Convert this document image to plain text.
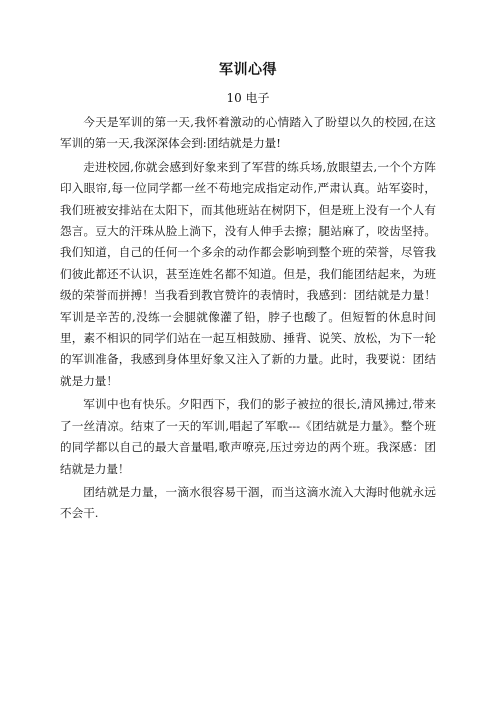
军训心得
10 电子

今天是军训的第一天,我怀着激动的心情踏入了盼望以久的校园,在这军训的第一天,我深深体会到:团结就是力量!

走进校园,你就会感到好象来到了军营的练兵场,放眼望去,一个个方阵印入眼帘,每一位同学都一丝不苟地完成指定动作,严肃认真。站军姿时，我们班被安排站在太阳下，而其他班站在树阴下，但是班上没有一个人有怨言。豆大的汗珠从脸上淌下，没有人伸手去擦；腿站麻了，咬齿坚持。我们知道，自己的任何一个多余的动作都会影响到整个班的荣誉，尽管我们彼此都还不认识，甚至连姓名都不知道。但是，我们能团结起来，为班级的荣誉而拼搏！当我看到教官赞许的表情时，我感到：团结就是力量！　　军训是辛苦的,没练一会腿就像灌了铅，脖子也酸了。但短暂的休息时间里，素不相识的同学们站在一起互相鼓励、捶背、说笑、放松，为下一轮的军训准备，我感到身体里好象又注入了新的力量。此时，我要说：团结就是力量！

军训中也有快乐。夕阳西下，我们的影子被拉的很长,清风拂过,带来了一丝清凉。结束了一天的军训,唱起了军歌---《团结就是力量》。整个班的同学都以自己的最大音量唱,歌声嘹亮,压过旁边的两个班。我深感：团结就是力量！

团结就是力量，一滴水很容易干涸，而当这滴水流入大海时他就永远不会干.
